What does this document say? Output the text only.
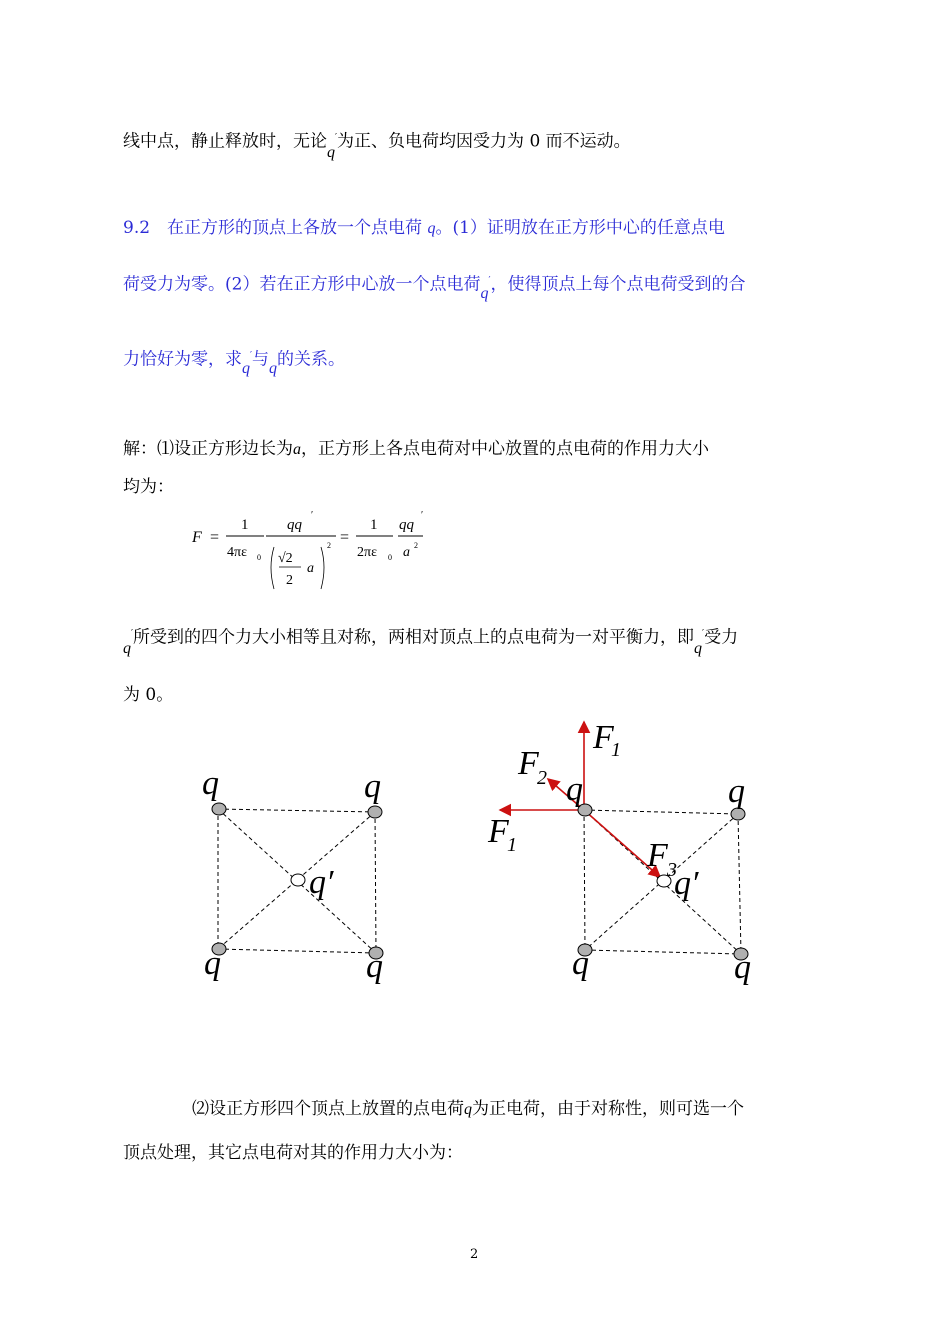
线中点，静止释放时，无论q′为正、负电荷均因受力为 0 而不运动。
9.2 在正方形的顶点上各放一个点电荷 q。(1）证明放在正方形中心的任意点电
荷受力为零。(2）若在正方形中心放一个点电荷q′，使得顶点上每个点电荷受到的合
力恰好为零，求q′与q的关系。
解：⑴设正方形边长为a，正方形上各点电荷对中心放置的点电荷的作用力大小
均为：
F =
1
4πε 0
qq
′
√2
2
a
2 =
1
2πε 0
qq
′
a 2
q′所受到的四个力大小相等且对称，两相对顶点上的点电荷为一对平衡力，即q′受力
为 0。
q	q
q	q
q′
q	q
q	q
q′
F
1
F
2
F
1	F 3
⑵设正方形四个顶点上放置的点电荷q为正电荷，由于对称性，则可选一个
顶点处理，其它点电荷对其的作用力大小为：
2
